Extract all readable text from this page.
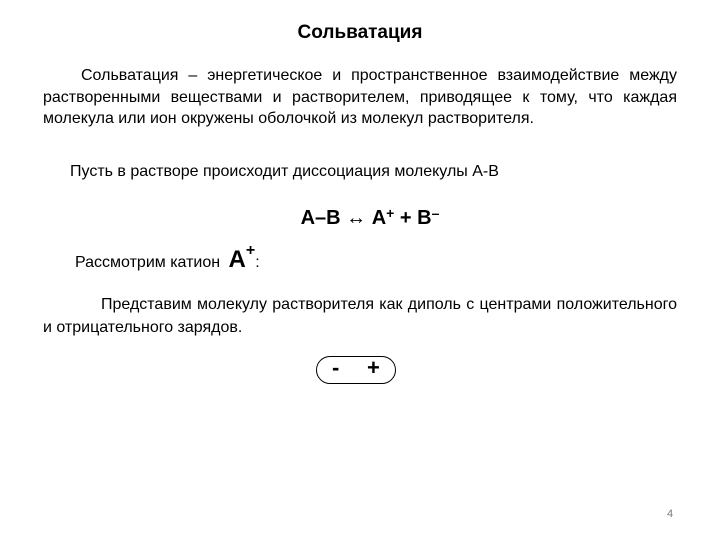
Сольватация

Сольватация – энергетическое и пространственное взаимодействие между растворенными веществами и растворителем, приводящее к тому, что каждая молекула или ион окружены оболочкой из молекул растворителя.

Пусть в растворе происходит диссоциация молекулы А-В
А–В ↔ А+ + В–
Рассмотрим катион А+:

Представим молекулу растворителя как диполь с центрами положительного и отрицательного зарядов.

- +
4
